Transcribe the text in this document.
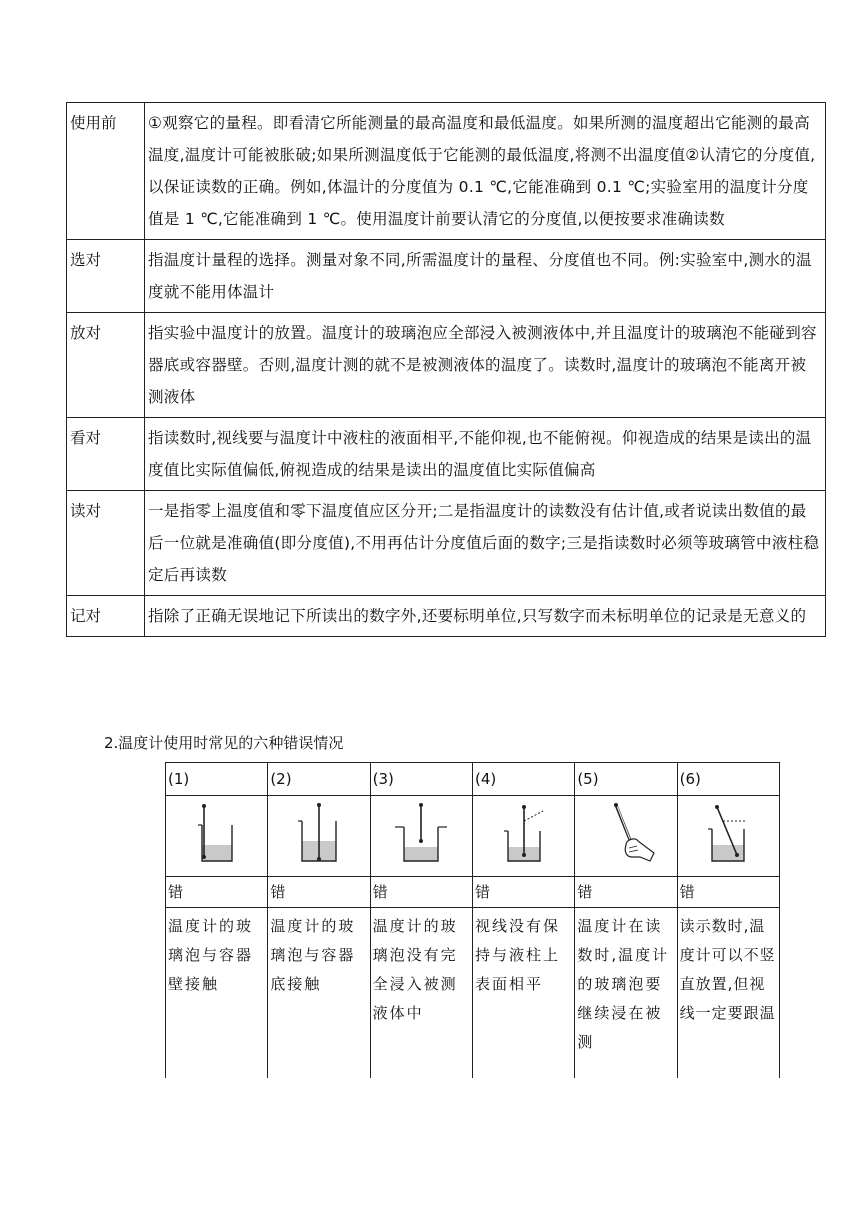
使用前	①观察它的量程。即看清它所能测量的最高温度和最低温度。如果所测的温度超出它能测的最高温度,温度计可能被胀破;如果所测温度低于它能测的最低温度,将测不出温度值②认清它的分度值,以保证读数的正确。例如,体温计的分度值为 0.1 ℃,它能准确到 0.1 ℃;实验室用的温度计分度值是 1 ℃,它能准确到 1 ℃。使用温度计前要认清它的分度值,以便按要求准确读数
选对	指温度计量程的选择。测量对象不同,所需温度计的量程、分度值也不同。例:实验室中,测水的温度就不能用体温计
放对	指实验中温度计的放置。温度计的玻璃泡应全部浸入被测液体中,并且温度计的玻璃泡不能碰到容器底或容器壁。否则,温度计测的就不是被测液体的温度了。读数时,温度计的玻璃泡不能离开被测液体
看对	指读数时,视线要与温度计中液柱的液面相平,不能仰视,也不能俯视。仰视造成的结果是读出的温度值比实际值偏低,俯视造成的结果是读出的温度值比实际值偏高
读对	一是指零上温度值和零下温度值应区分开;二是指温度计的读数没有估计值,或者说读出数值的最后一位就是准确值(即分度值),不用再估计分度值后面的数字;三是指读数时必须等玻璃管中液柱稳定后再读数
记对	指除了正确无误地记下所读出的数字外,还要标明单位,只写数字而未标明单位的记录是无意义的
2.温度计使用时常见的六种错误情况
(1)	(2)	(3)	(4)	(5)	(6)

错	错	错	错	错	错
温度计的玻璃泡与容器壁接触	温度计的玻璃泡与容器底接触	温度计的玻璃泡没有完全浸入被测液体中	视线没有保持与液柱上表面相平	温度计在读数时,温度计的玻璃泡要继续浸在被测	读示数时,温度计可以不竖 直放置,但视线一定要跟温
